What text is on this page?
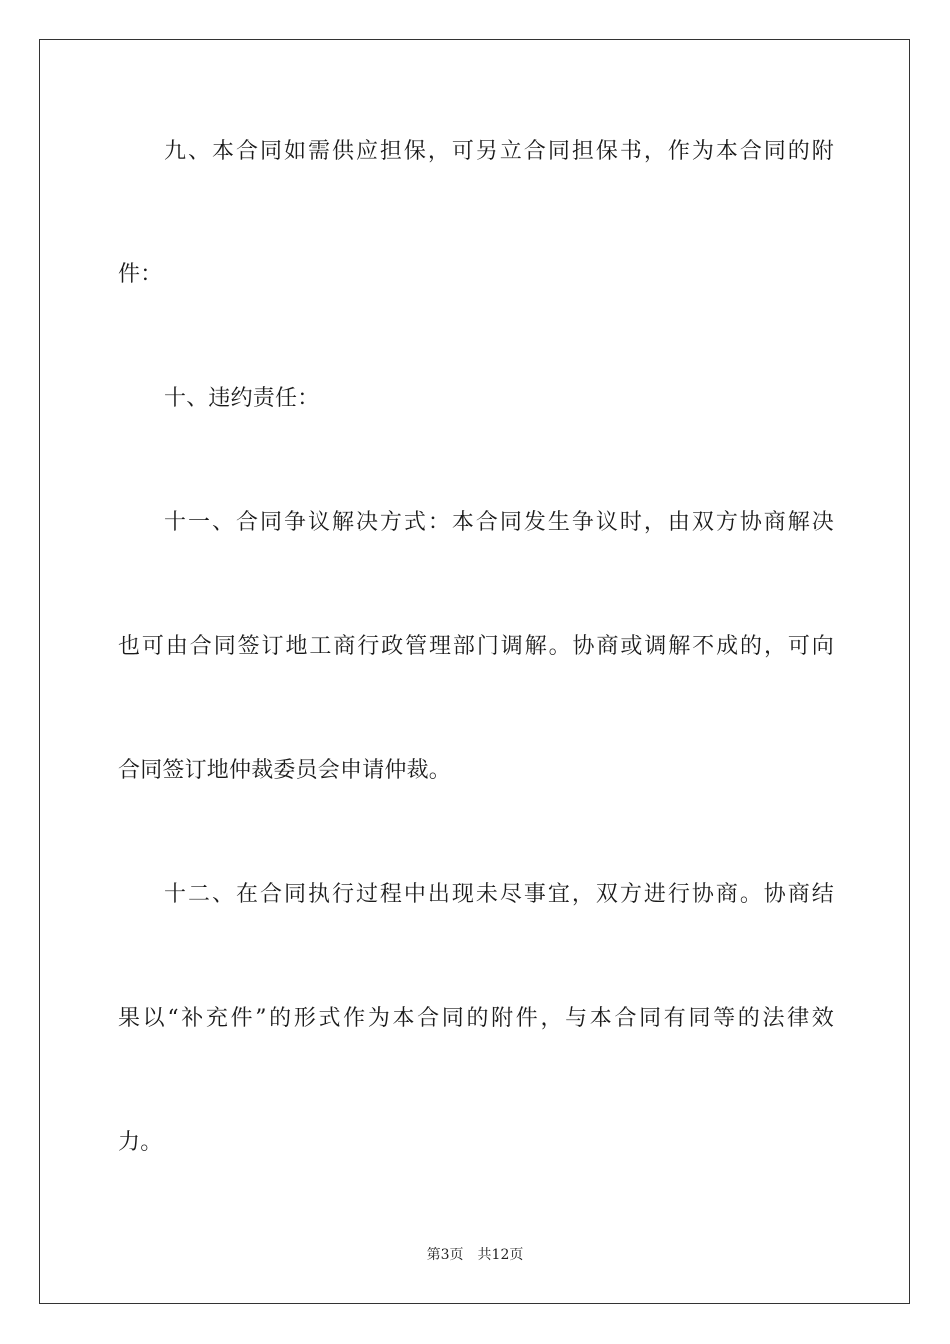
九、本合同如需供应担保，可另立合同担保书，作为本合同的附
件：
十、违约责任：
十一、合同争议解决方式：本合同发生争议时，由双方协商解决
也可由合同签订地工商行政管理部门调解。协商或调解不成的，可向
合同签订地仲裁委员会申请仲裁。
十二、在合同执行过程中出现未尽事宜，双方进行协商。协商结
果以“补充件”的形式作为本合同的附件，与本合同有同等的法律效
力。
第3页 共12页
